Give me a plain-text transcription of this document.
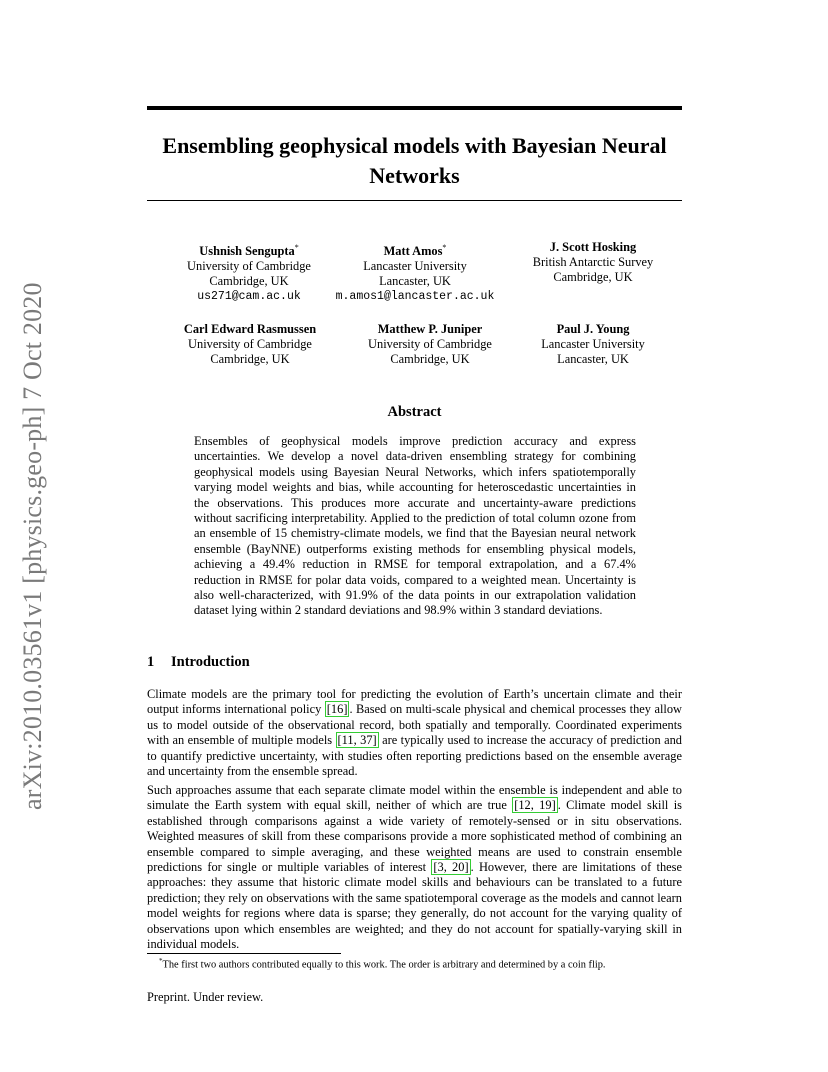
arXiv:2010.03561v1 [physics.geo-ph] 7 Oct 2020
Ensembling geophysical models with Bayesian Neural Networks
Ushnish Sengupta*
University of Cambridge
Cambridge, UK
us271@cam.ac.uk
Matt Amos*
Lancaster University
Lancaster, UK
m.amos1@lancaster.ac.uk
J. Scott Hosking
British Antarctic Survey
Cambridge, UK
Carl Edward Rasmussen
University of Cambridge
Cambridge, UK
Matthew P. Juniper
University of Cambridge
Cambridge, UK
Paul J. Young
Lancaster University
Lancaster, UK
Abstract
Ensembles of geophysical models improve prediction accuracy and express uncertainties. We develop a novel data-driven ensembling strategy for combining geophysical models using Bayesian Neural Networks, which infers spatiotemporally varying model weights and bias, while accounting for heteroscedastic uncertainties in the observations. This produces more accurate and uncertainty-aware predictions without sacrificing interpretability. Applied to the prediction of total column ozone from an ensemble of 15 chemistry-climate models, we find that the Bayesian neural network ensemble (BayNNE) outperforms existing methods for ensembling physical models, achieving a 49.4% reduction in RMSE for temporal extrapolation, and a 67.4% reduction in RMSE for polar data voids, compared to a weighted mean. Uncertainty is also well-characterized, with 91.9% of the data points in our extrapolation validation dataset lying within 2 standard deviations and 98.9% within 3 standard deviations.
1 Introduction
Climate models are the primary tool for predicting the evolution of Earth’s uncertain climate and their output informs international policy [16] . Based on multi-scale physical and chemical processes they allow us to model outside of the observational record, both spatially and temporally. Coordinated experiments with an ensemble of multiple models [11, 37] are typically used to increase the accuracy of prediction and to quantify predictive uncertainty, with studies often reporting predictions based on the ensemble average and uncertainty from the ensemble spread.
Such approaches assume that each separate climate model within the ensemble is independent and able to simulate the Earth system with equal skill, neither of which are true [12, 19] . Climate model skill is established through comparisons against a wide variety of remotely-sensed or in situ observations. Weighted measures of skill from these comparisons provide a more sophisticated method of combining an ensemble compared to simple averaging, and these weighted means are used to constrain ensemble predictions for single or multiple variables of interest [3, 20] . However, there are limitations of these approaches: they assume that historic climate model skills and behaviours can be translated to a future prediction; they rely on observations with the same spatiotemporal coverage as the models and cannot learn model weights for regions where data is sparse; they generally, do not account for the varying quality of observations upon which ensembles are weighted; and they do not account for spatially-varying skill in individual models.
*The first two authors contributed equally to this work. The order is arbitrary and determined by a coin flip.
Preprint. Under review.
